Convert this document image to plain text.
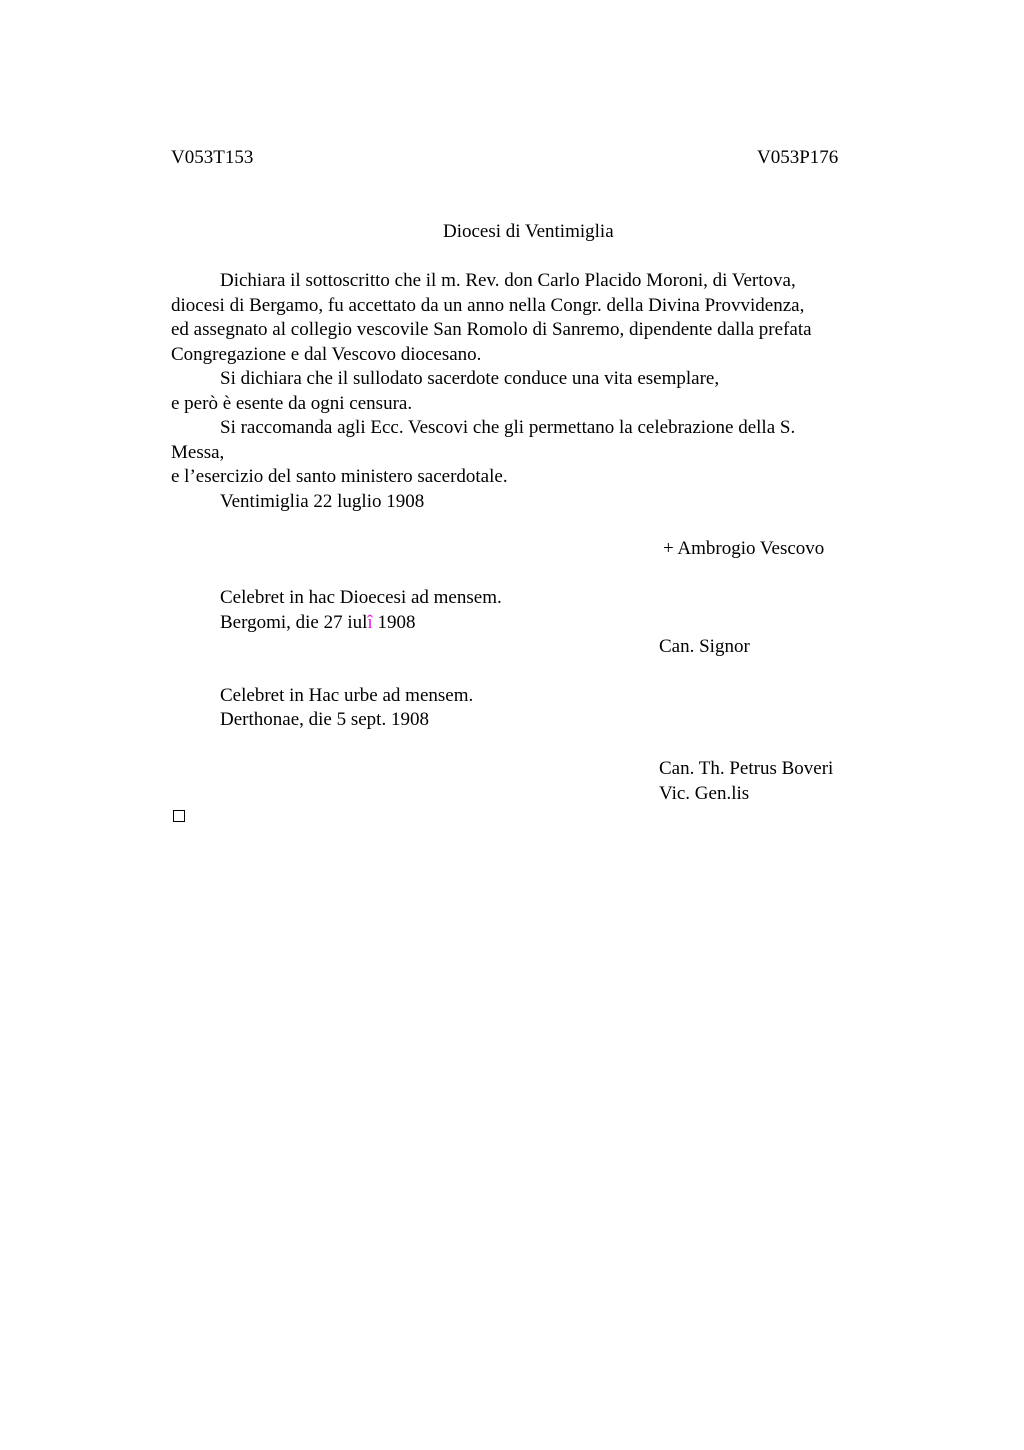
V053T153	V053P176
Diocesi di Ventimiglia
Dichiara il sottoscritto che il m. Rev. don Carlo Placido Moroni, di Vertova,
diocesi di Bergamo, fu accettato da un anno nella Congr. della Divina Provvidenza,
ed assegnato al collegio vescovile San Romolo di Sanremo, dipendente dalla prefata
Congregazione e dal Vescovo diocesano.
Si dichiara che il sullodato sacerdote conduce una vita esemplare,
e però è esente da ogni censura.
Si raccomanda agli Ecc. Vescovi che gli permettano la celebrazione della S.
Messa,
e l’esercizio del santo ministero sacerdotale.
Ventimiglia 22 luglio 1908
+ Ambrogio Vescovo
Celebret in hac Dioecesi ad mensem.
Bergomi, die 27 iulî 1908
Can. Signor
Celebret in Hac urbe ad mensem.
Derthonae, die 5 sept. 1908
Can. Th. Petrus Boveri
Vic. Gen.lis
